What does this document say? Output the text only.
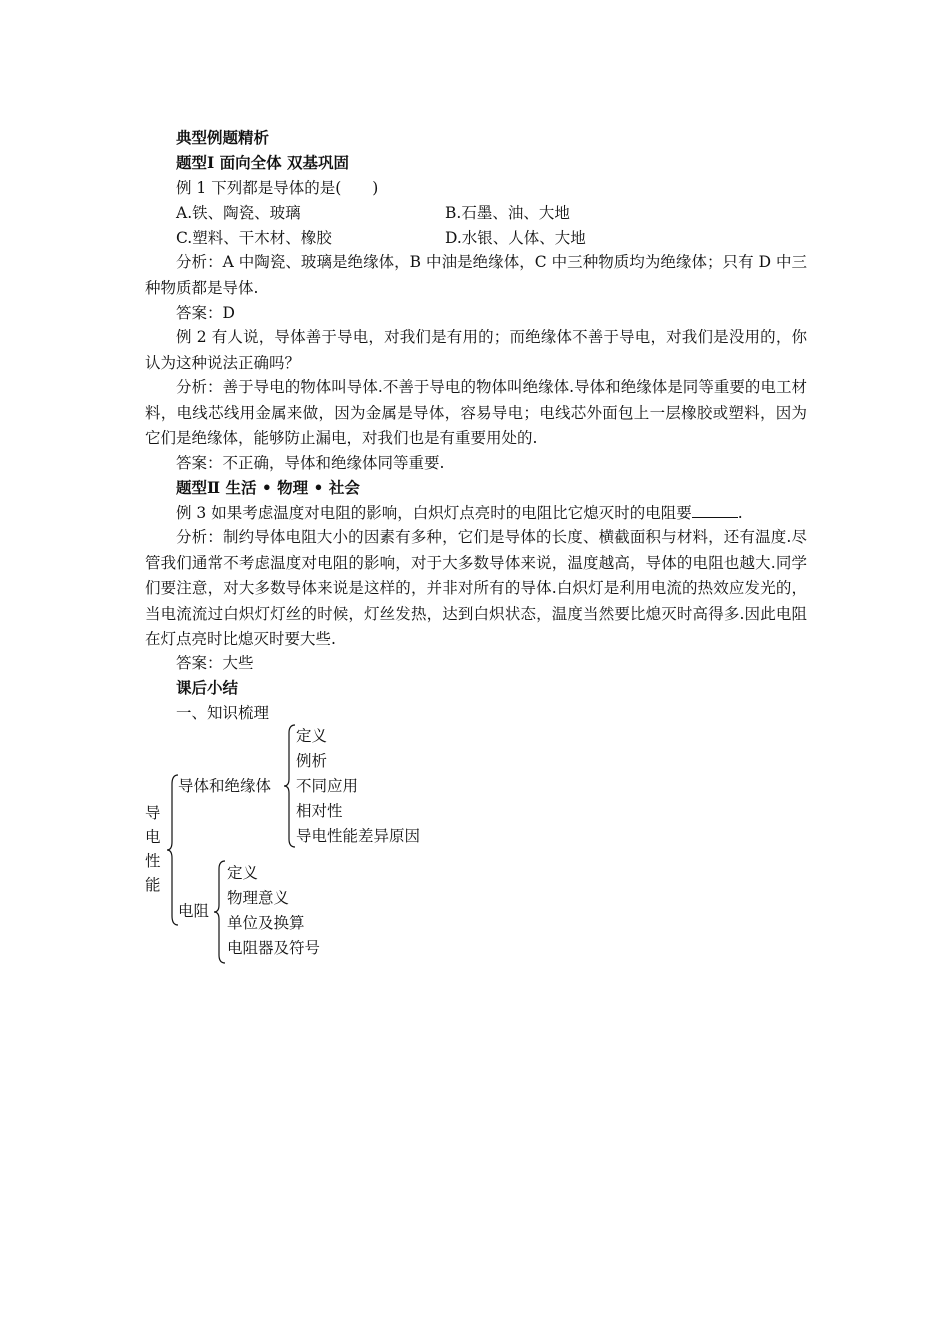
典型例题精析
题型Ⅰ 面向全体 双基巩固
例 1 下列都是导体的是(　　)
A.铁、陶瓷、玻璃	B.石墨、油、大地
C.塑料、干木材、橡胶	D.水银、人体、大地
分析：A 中陶瓷、玻璃是绝缘体，B 中油是绝缘体，C 中三种物质均为绝缘体；只有 D 中三种物质都是导体.
答案：D
例 2 有人说，导体善于导电，对我们是有用的；而绝缘体不善于导电，对我们是没用的，你认为这种说法正确吗？
分析：善于导电的物体叫导体.不善于导电的物体叫绝缘体.导体和绝缘体是同等重要的电工材料，电线芯线用金属来做，因为金属是导体，容易导电；电线芯外面包上一层橡胶或塑料，因为它们是绝缘体，能够防止漏电，对我们也是有重要用处的.
答案：不正确，导体和绝缘体同等重要.
题型Ⅱ 生活 • 物理 • 社会
例 3 如果考虑温度对电阻的影响，白炽灯点亮时的电阻比它熄灭时的电阻要	.
分析：制约导体电阻大小的因素有多种，它们是导体的长度、横截面积与材料，还有温度.尽管我们通常不考虑温度对电阻的影响，对于大多数导体来说，温度越高，导体的电阻也越大.同学们要注意，对大多数导体来说是这样的，并非对所有的导体.白炽灯是利用电流的热效应发光的，当电流流过白炽灯灯丝的时候，灯丝发热，达到白炽状态，温度当然要比熄灭时高得多.因此电阻在灯点亮时比熄灭时要大些.
答案：大些
课后小结
一、知识梳理
导
电
性
能
导体和绝缘体
定义
例析
不同应用
相对性
导电性能差异原因
电阻
定义
物理意义
单位及换算
电阻器及符号
